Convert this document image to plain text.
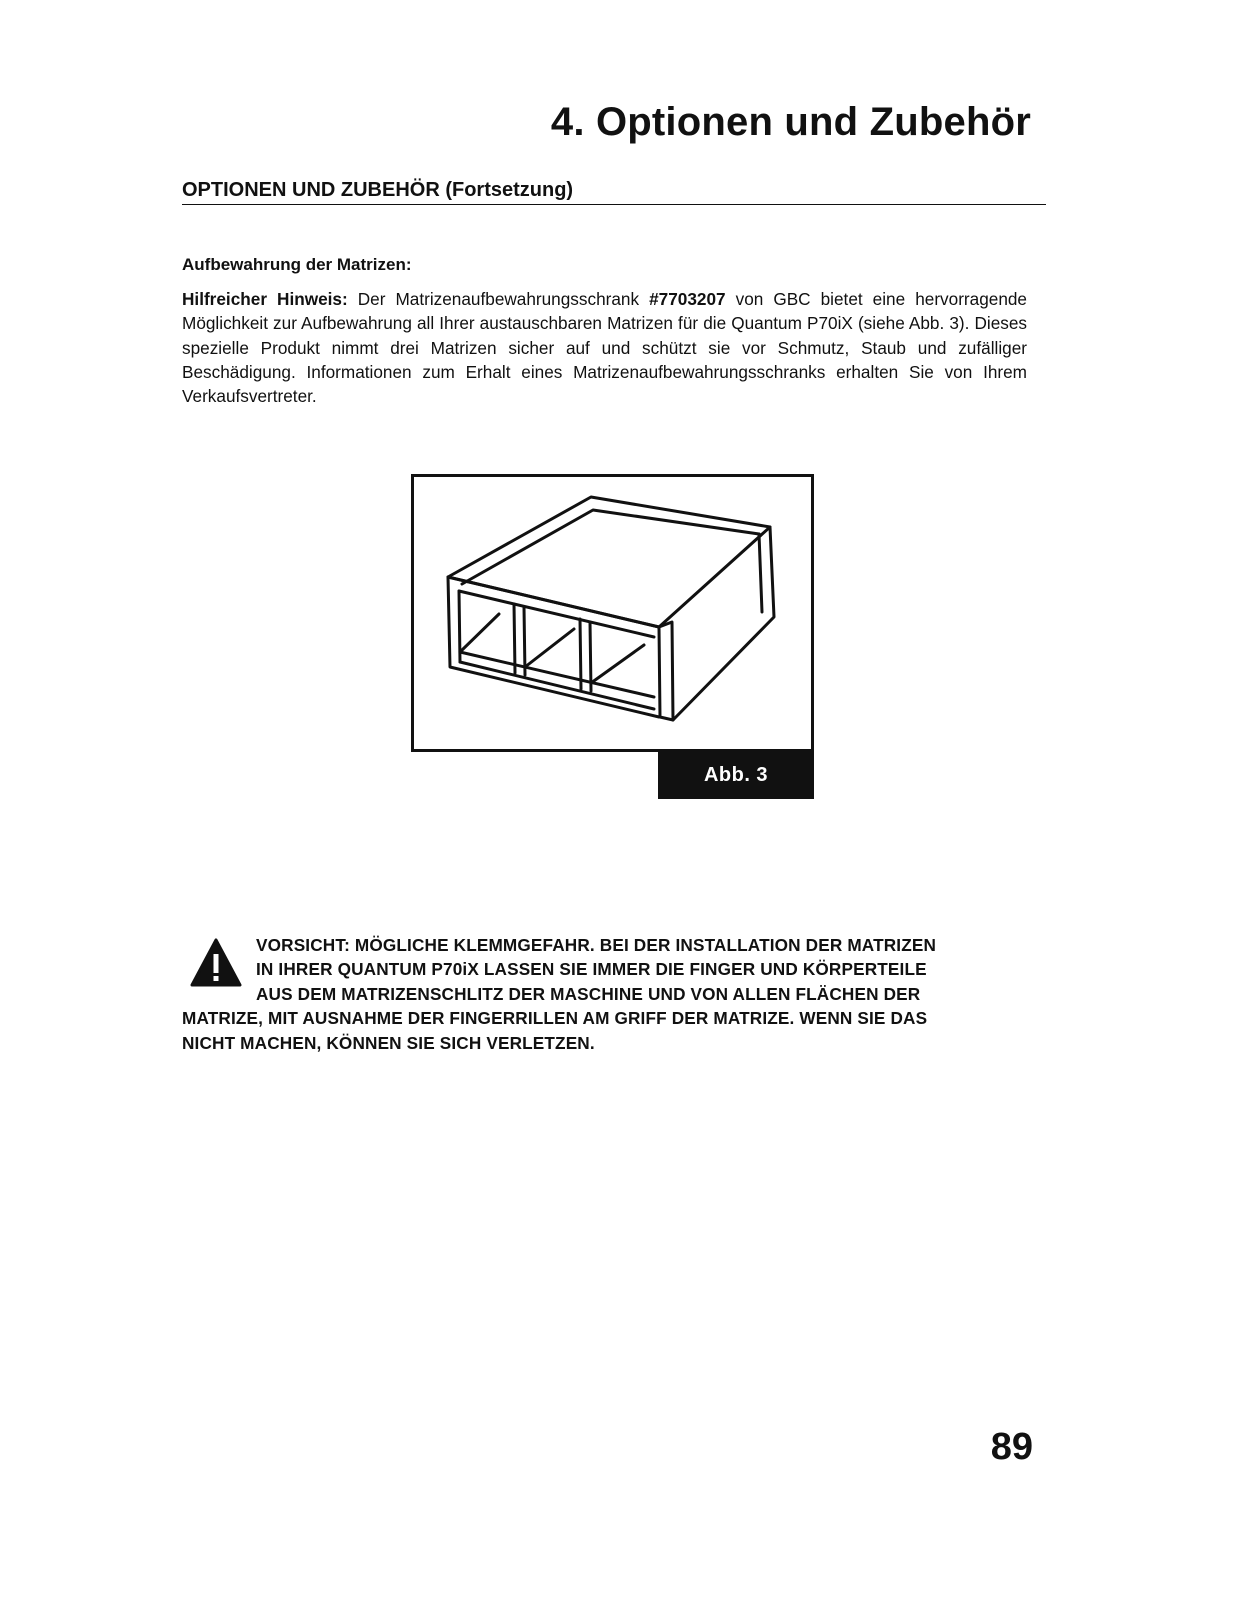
4. Optionen und Zubehör
OPTIONEN UND ZUBEHÖR (Fortsetzung)
Aufbewahrung der Matrizen:

Hilfreicher Hinweis: Der Matrizenaufbewahrungsschrank #7703207 von GBC bietet eine hervorragende Möglichkeit zur Aufbewahrung all Ihrer austauschbaren Matrizen für die Quantum P70iX (siehe Abb. 3). Dieses spezielle Produkt nimmt drei Matrizen sicher auf und schützt sie vor Schmutz, Staub und zufälliger Beschädigung. Informationen zum Erhalt eines Matrizenaufbewahrungsschranks erhalten Sie von Ihrem Verkaufsvertreter.

Abb. 3
VORSICHT: MÖGLICHE KLEMMGEFAHR. BEI DER INSTALLATION DER MATRIZEN
IN IHRER QUANTUM P70iX LASSEN SIE IMMER DIE FINGER UND KÖRPERTEILE
AUS DEM MATRIZENSCHLITZ DER MASCHINE UND VON ALLEN FLÄCHEN DER
MATRIZE, MIT AUSNAHME DER FINGERRILLEN AM GRIFF DER MATRIZE. WENN SIE DAS
NICHT MACHEN, KÖNNEN SIE SICH VERLETZEN.

89
